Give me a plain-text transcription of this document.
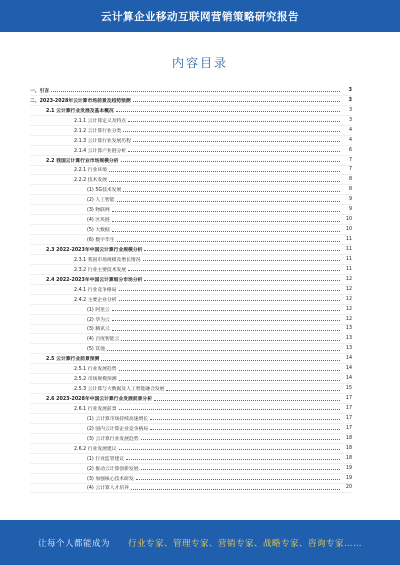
云计算企业移动互联网营销策略研究报告
内容目录
一、引言	3
二、2023-2028年云计算市场前景及趋势预测	3
2.1 云计算行业发展及基本概况	3
2.1.1 云计算定义及特点	3
2.1.2 云计算行业分类	4
2.1.3 云计算行业发展历程	4
2.1.4 云计算产业链分析	6
2.2 我国云计算行业市场规模分析	7
2.2.1 行业环境	7
2.2.2 技术发展	8
(1) 5G技术发展	8
(2) 人工智能	9
(3) 物联网	9
(4) 区块链	10
(5) 大数据	10
(6) 数字孪生	11
2.3 2022-2023年中国云计算行业规模分析	11
2.3.1 我国市场规模及增长情况	11
2.3.2 行业主要技术发展	11
2.4 2022-2023年中国云计算细分市场分析	12
2.4.1 行业竞争格局	12
2.4.2 主要企业分析	12
(1) 阿里云	12
(2) 华为云	12
(3) 腾讯云	13
(4) 百度智能云	13
(5) 其他	13
2.5 云计算行业前景预测	14
2.5.1 行业发展趋势	14
2.5.2 市场规模预测	14
2.5.3 云计算与大数据及人工智能融合发展	15
2.6 2023-2028年中国云计算行业发展前景分析	17
2.6.1 行业发展前景	17
(1) 云计算市场持续高速增长	17
(2) 国内云计算企业竞争格局	17
(3) 云计算行业发展趋势	18
2.6.2 行业发展建议	18
(1) 行业监管建议	18
(2) 推动云计算创新发展	19
(3) 加强核心技术研发	19
(4) 云计算人才培养	20
让每个人都能成为 行业专家、管理专家、营销专家、战略专家、咨询专家……
